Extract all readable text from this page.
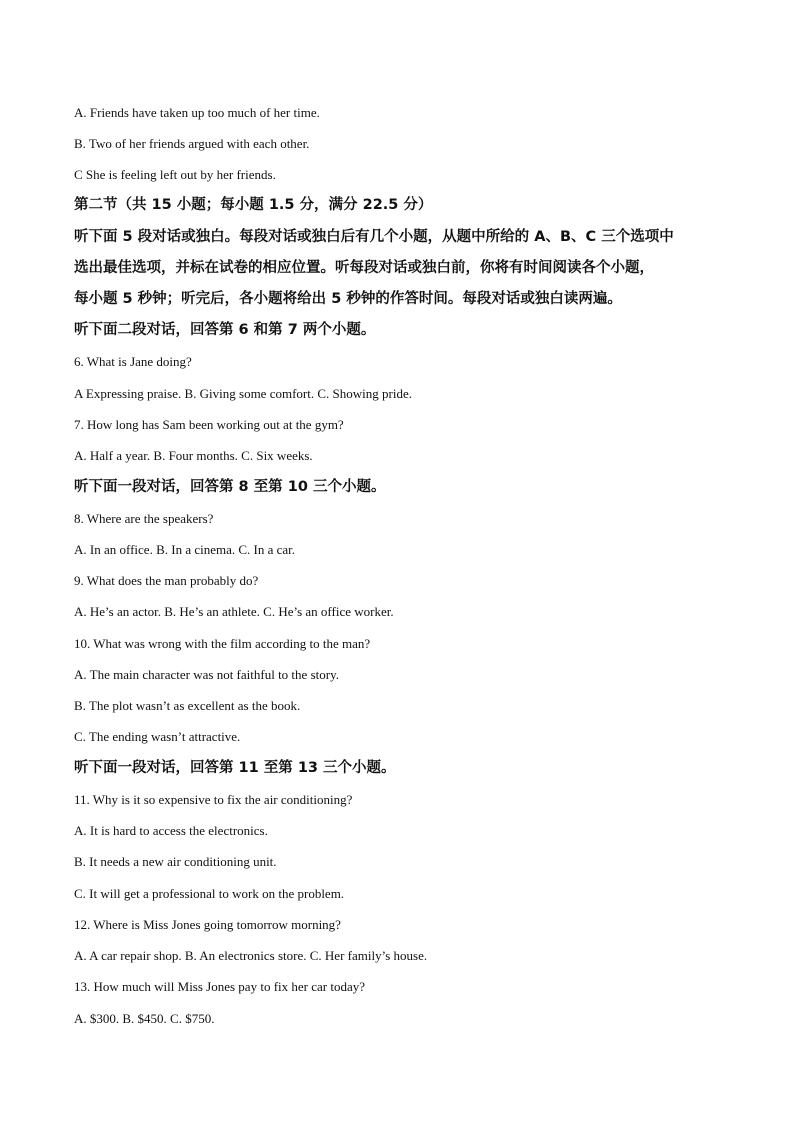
A. Friends have taken up too much of her time.
B. Two of her friends argued with each other.
C She is feeling left out by her friends.
第二节（共 15 小题；每小题 1.5 分，满分 22.5 分）
听下面 5 段对话或独白。每段对话或独白后有几个小题，从题中所给的 A、B、C 三个选项中
选出最佳选项，并标在试卷的相应位置。听每段对话或独白前，你将有时间阅读各个小题，
每小题 5 秒钟；听完后，各小题将给出 5 秒钟的作答时间。每段对话或独白读两遍。
听下面二段对话，回答第 6 和第 7 两个小题。
6. What is Jane doing?
A Expressing praise. B. Giving some comfort. C. Showing pride.
7. How long has Sam been working out at the gym?
A. Half a year. B. Four months. C. Six weeks.
听下面一段对话，回答第 8 至第 10 三个小题。
8. Where are the speakers?
A. In an office. B. In a cinema. C. In a car.
9. What does the man probably do?
A. He’s an actor. B. He’s an athlete. C. He’s an office worker.
10. What was wrong with the film according to the man?
A. The main character was not faithful to the story.
B. The plot wasn’t as excellent as the book.
C. The ending wasn’t attractive.
听下面一段对话，回答第 11 至第 13 三个小题。
11. Why is it so expensive to fix the air conditioning?
A. It is hard to access the electronics.
B. It needs a new air conditioning unit.
C. It will get a professional to work on the problem.
12. Where is Miss Jones going tomorrow morning?
A. A car repair shop. B. An electronics store. C. Her family’s house.
13. How much will Miss Jones pay to fix her car today?
A. $300. B. $450. C. $750.
